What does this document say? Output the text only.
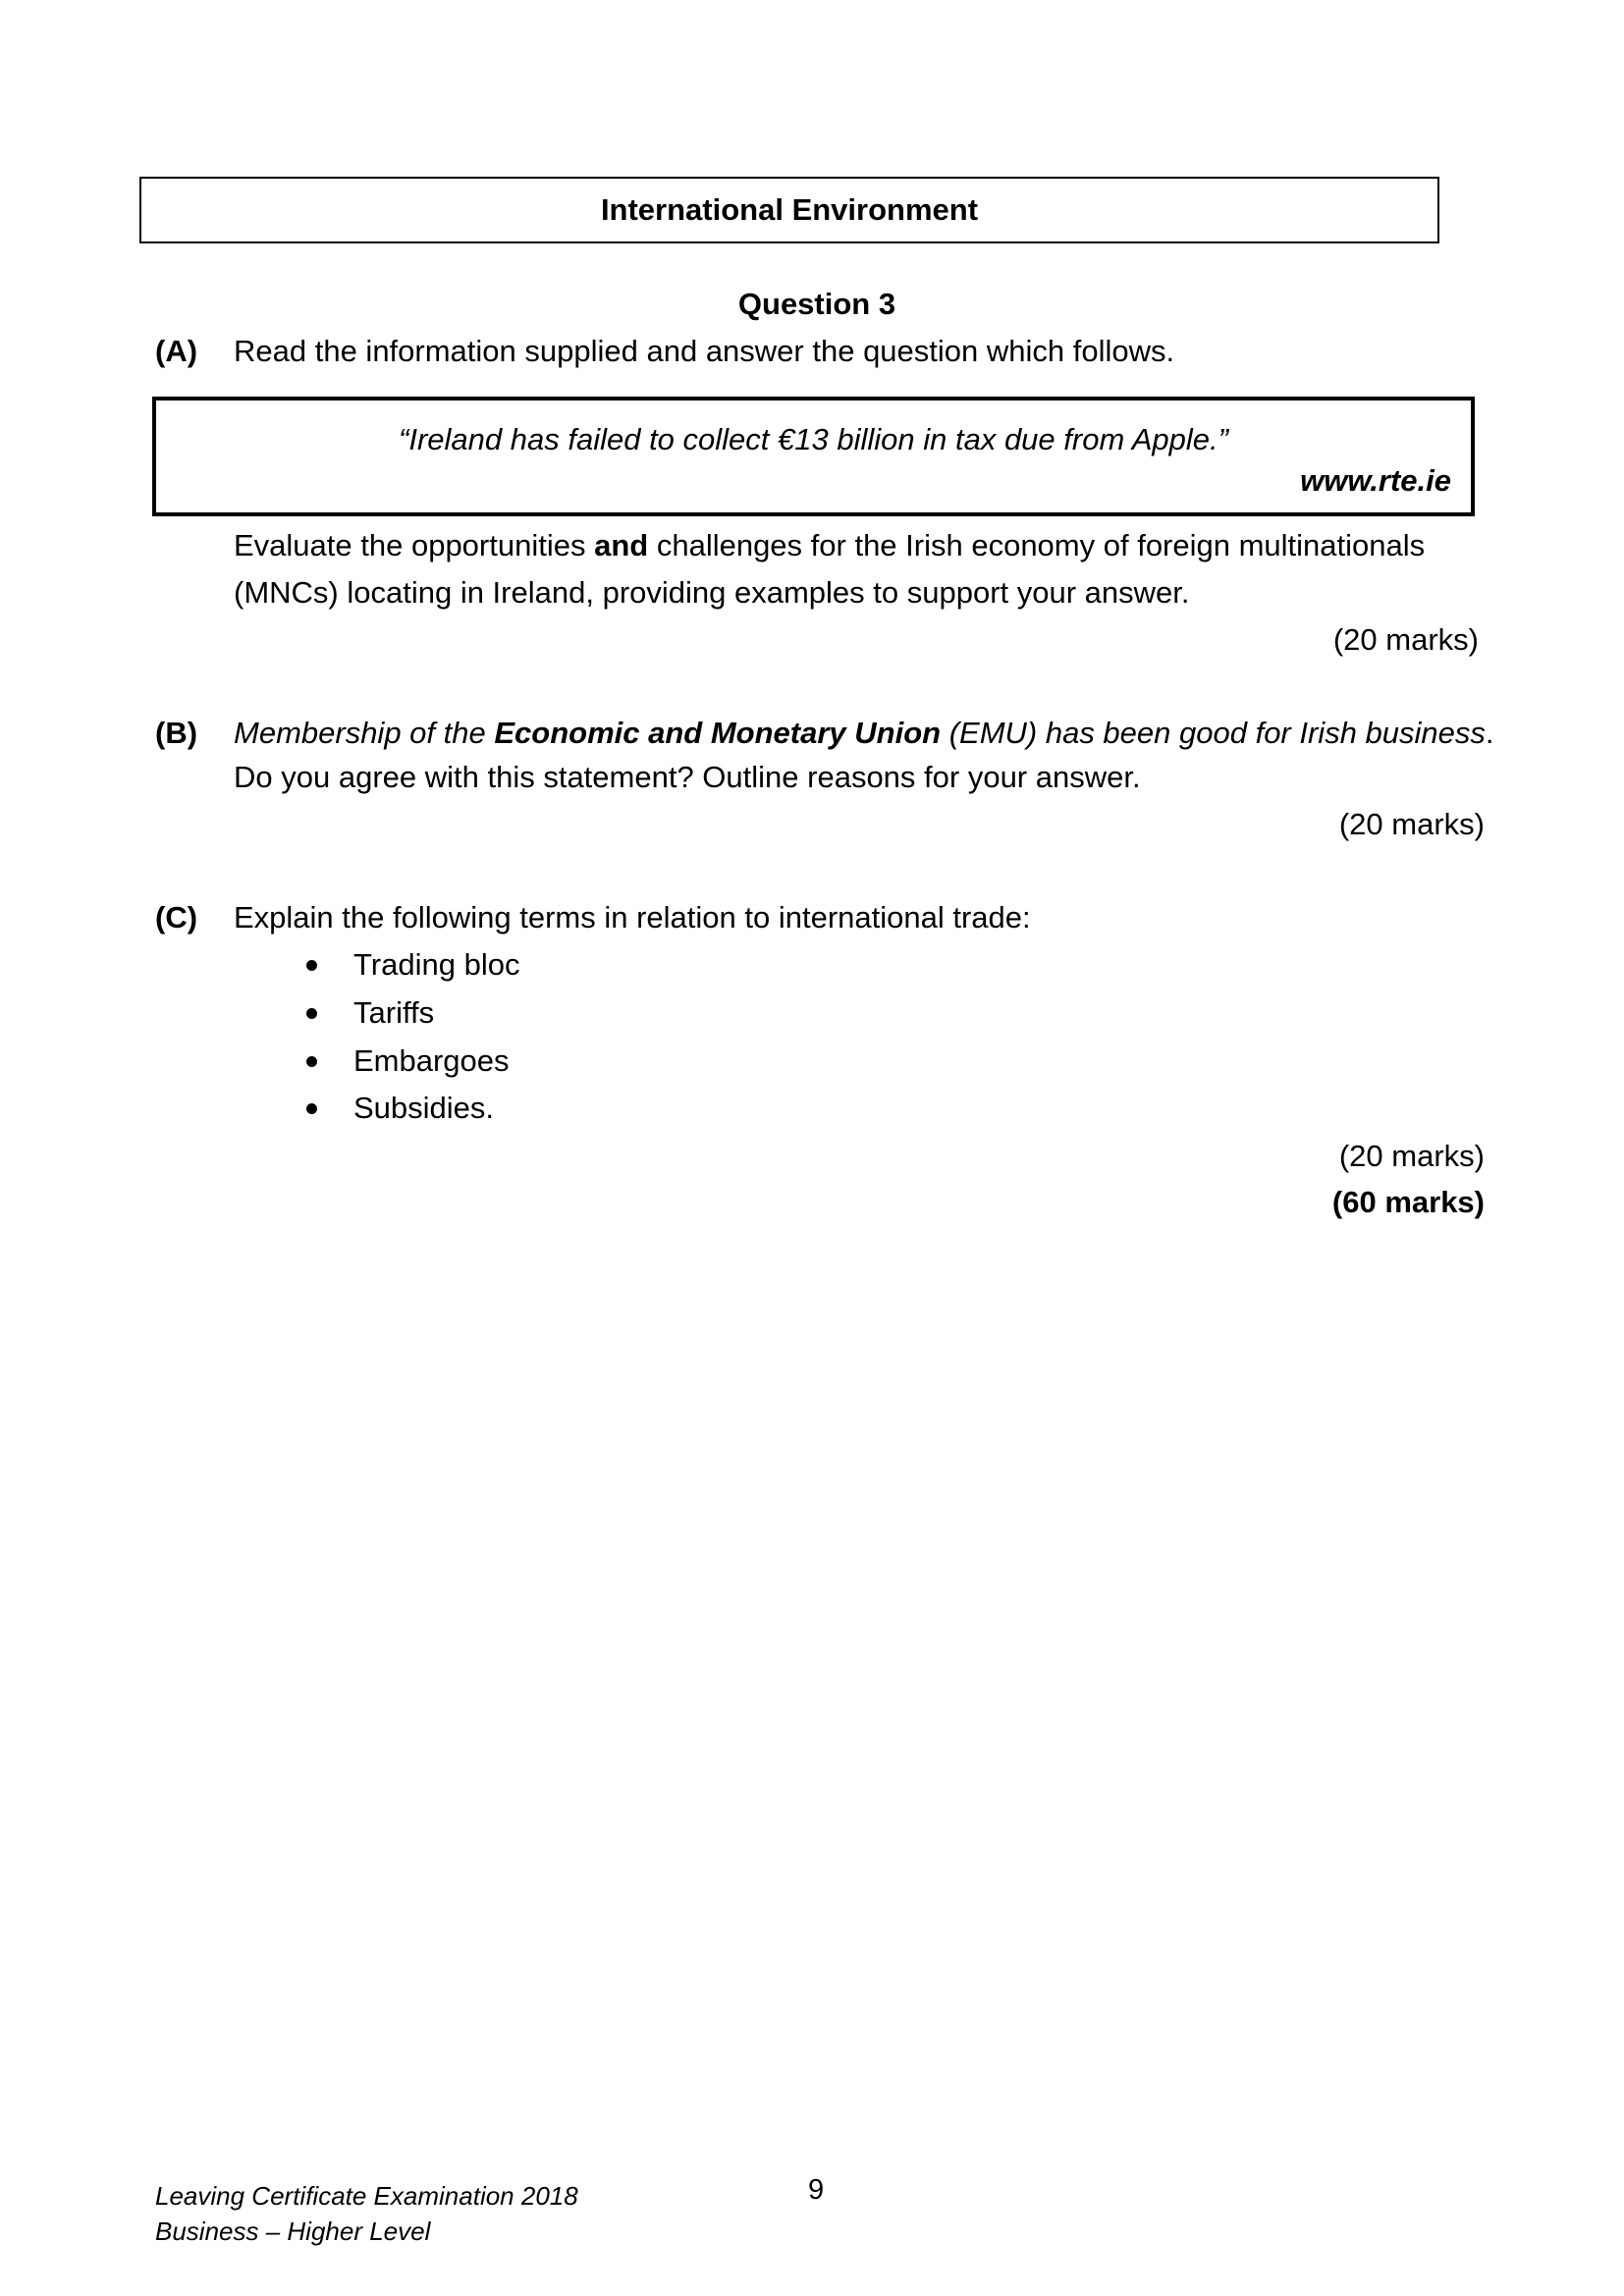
International Environment
Question 3
(A) Read the information supplied and answer the question which follows.
“Ireland has failed to collect €13 billion in tax due from Apple.”
www.rte.ie
Evaluate the opportunities and challenges for the Irish economy of foreign multinationals
(MNCs) locating in Ireland, providing examples to support your answer.
(20 marks)
(B) Membership of the Economic and Monetary Union (EMU) has been good for Irish business.
Do you agree with this statement? Outline reasons for your answer.
(20 marks)
(C) Explain the following terms in relation to international trade:
Trading bloc
Tariffs
Embargoes
Subsidies.
(20 marks)
(60 marks)
Leaving Certificate Examination 2018
Business – Higher Level
9
